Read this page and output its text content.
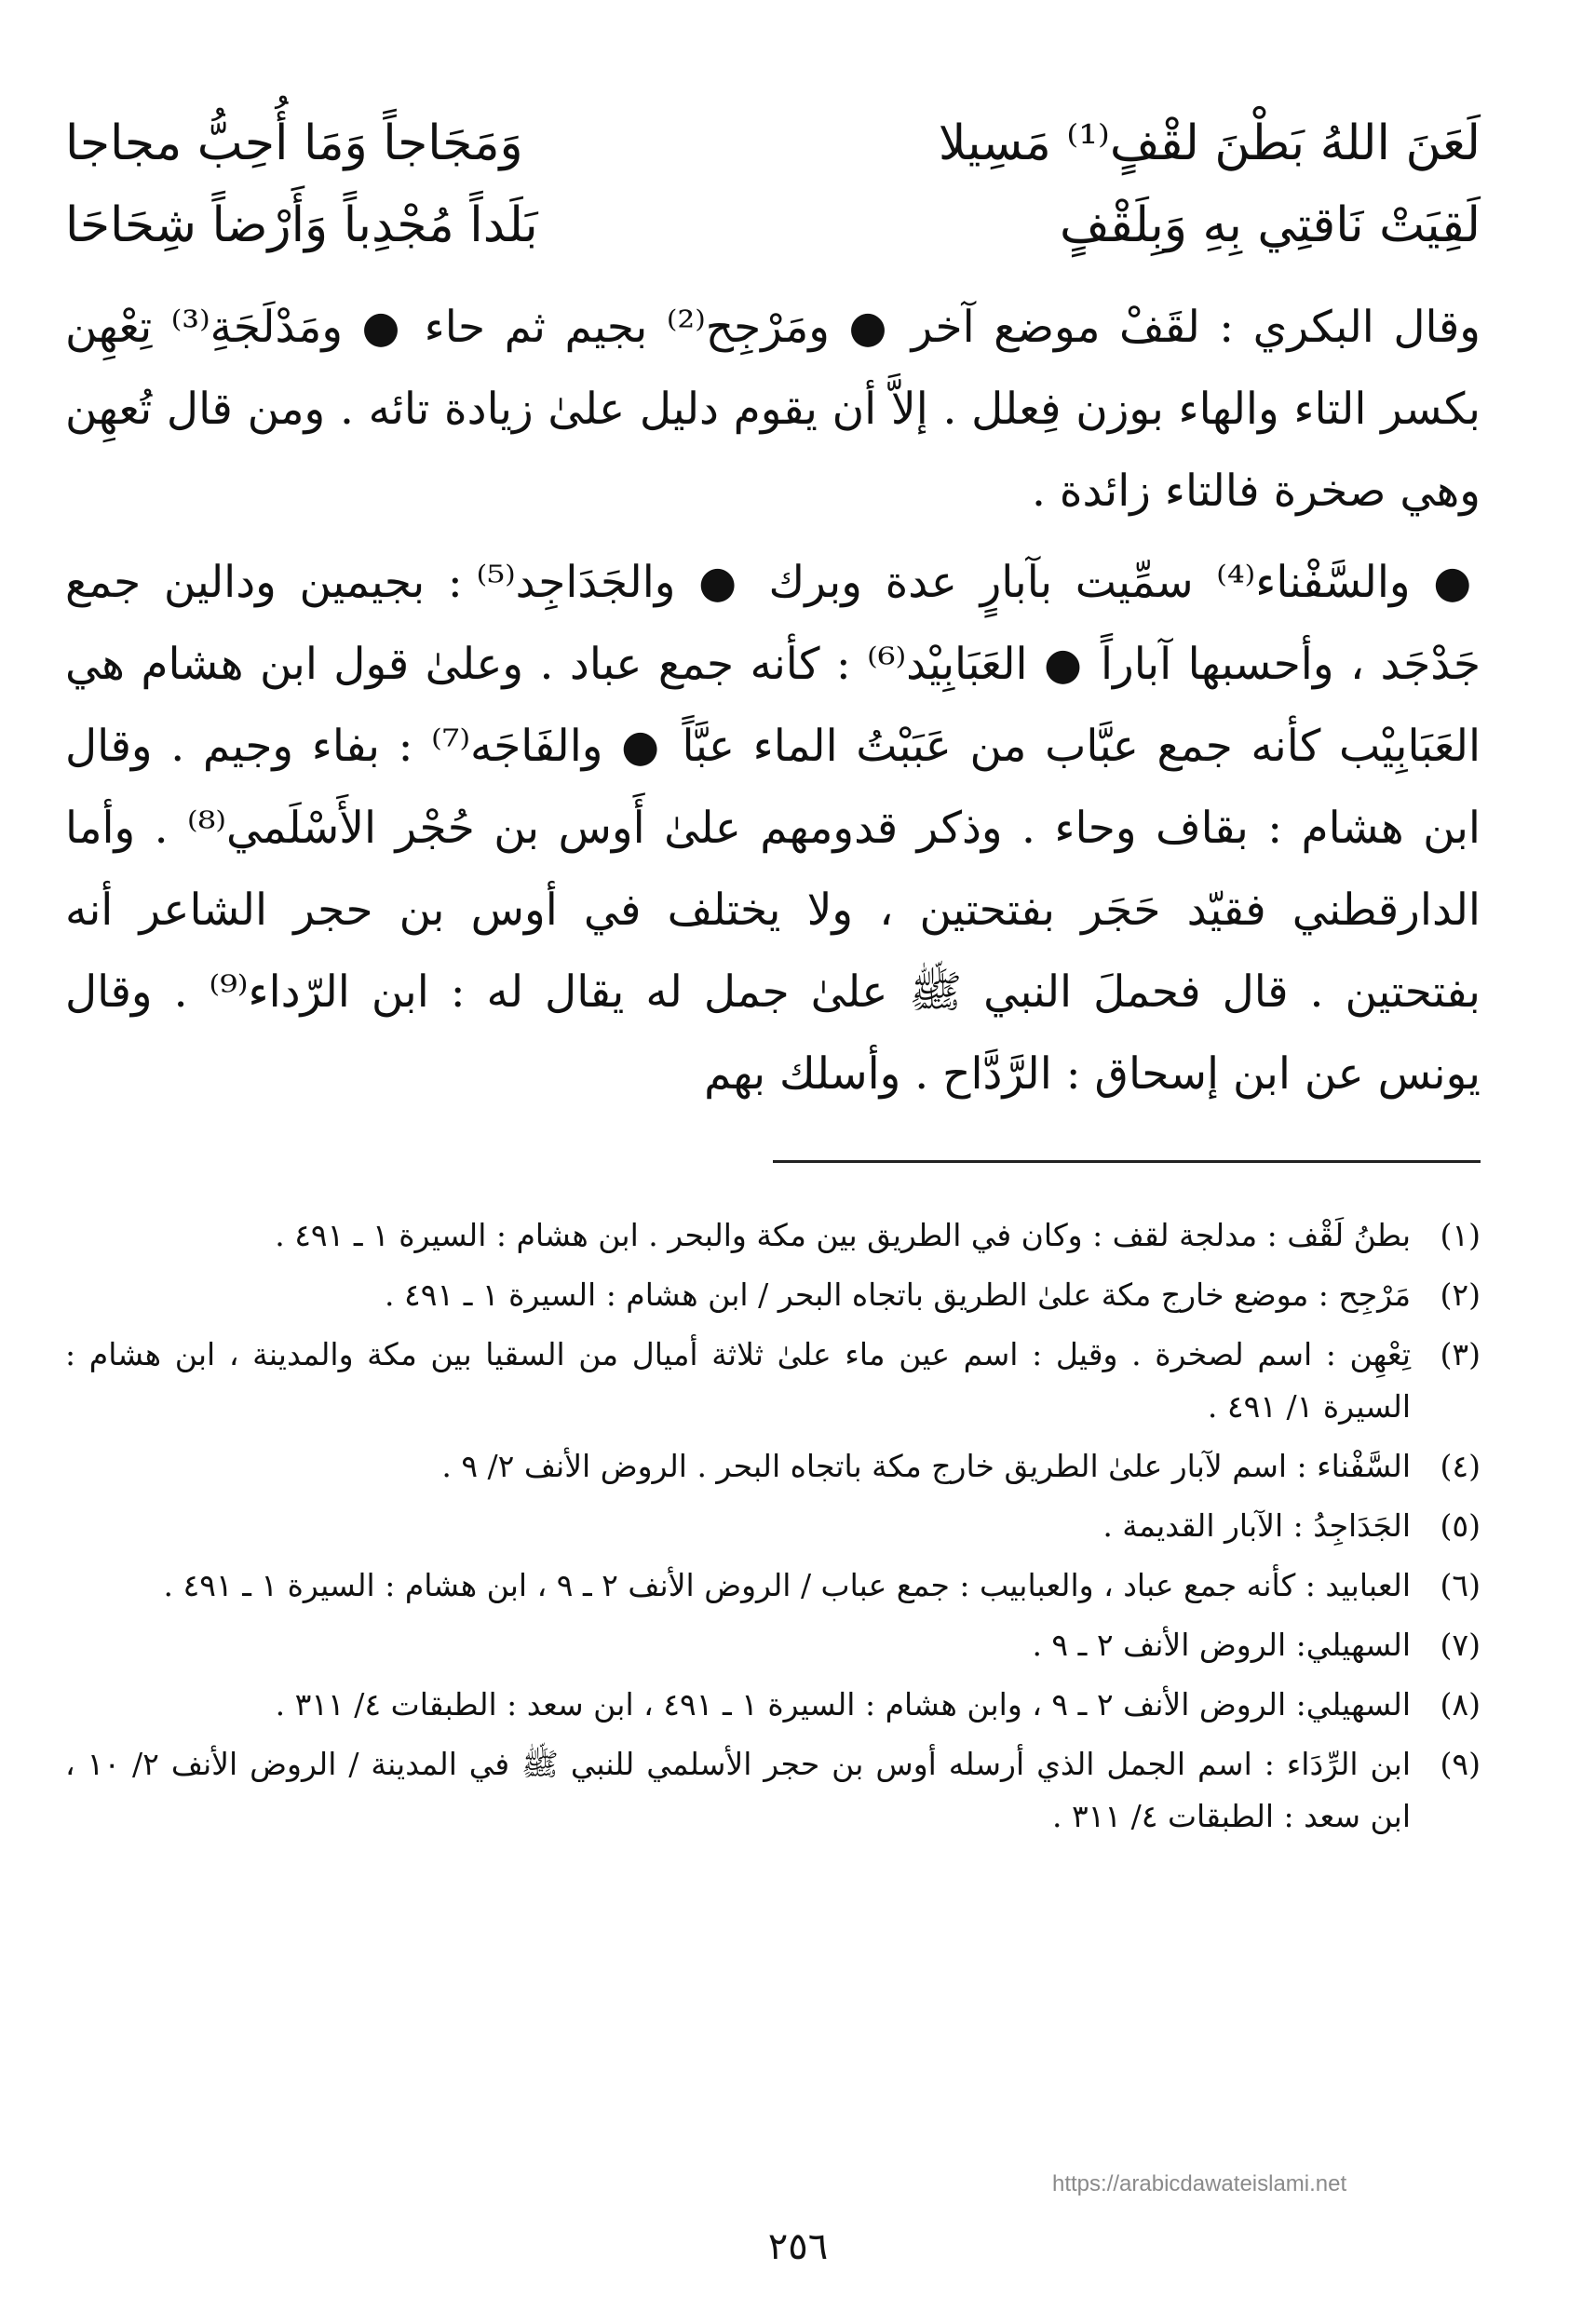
لَعَنَ اللهُ بَطْنَ لقْفٍ⁽¹⁾ مَسِيلا
وَمَجَاجاً وَمَا أُحِبُّ مجاجا
لَقِيَتْ نَاقتِي بِهِ وَبِلَقْفٍ
بَلَداً مُجْدِباً وَأَرْضاً شِحَاحَا

وقال البكري : لقَفْ موضع آخر ● ومَرْجِح⁽²⁾ بجيم ثم حاء ● ومَدْلَجَةِ⁽³⁾ تِعْهِن بكسر التاء والهاء بوزن فِعلل . إلاَّ أن يقوم دليل علىٰ زيادة تائه . ومن قال تُعهِن وهي صخرة فالتاء زائدة .

● والسَّفْناء⁽⁴⁾ سمِّيت بآبارٍ عدة وبرك ● والجَدَاجِد⁽⁵⁾ : بجيمين ودالين جمع جَدْجَد ، وأحسبها آباراً ● العَبَابِيْد⁽⁶⁾ : كأنه جمع عباد . وعلىٰ قول ابن هشام هي العَبَابِيْب كأنه جمع عبَّاب من عَبَبْتُ الماء عبَّاً ● والفَاجَه⁽⁷⁾ : بفاء وجيم . وقال ابن هشام : بقاف وحاء . وذكر قدومهم علىٰ أَوس بن حُجْر الأَسْلَمي⁽⁸⁾ . وأما الدارقطني فقيّد حَجَر بفتحتين ، ولا يختلف في أوس بن حجر الشاعر أنه بفتحتين . قال فحملَ النبي ﷺ علىٰ جمل له يقال له : ابن الرّداء⁽⁹⁾ . وقال يونس عن ابن إسحاق : الرَّدَّاح . وأسلك بهم

(١)
بطنُ لَقْف : مدلجة لقف : وكان في الطريق بين مكة والبحر . ابن هشام : السيرة ١ ـ ٤٩١ .
(٢)
مَرْجِح : موضع خارج مكة علىٰ الطريق باتجاه البحر / ابن هشام : السيرة ١ ـ ٤٩١ .
(٣)
تِعْهِن : اسم لصخرة . وقيل : اسم عين ماء علىٰ ثلاثة أميال من السقيا بين مكة والمدينة ، ابن هشام : السيرة ١/ ٤٩١ .
(٤)
السَّفْناء : اسم لآبار علىٰ الطريق خارج مكة باتجاه البحر . الروض الأنف ٢/ ٩ .
(٥)
الجَدَاجِدُ : الآبار القديمة .
(٦)
العبابيد : كأنه جمع عباد ، والعبابيب : جمع عباب / الروض الأنف ٢ ـ ٩ ، ابن هشام : السيرة ١ ـ ٤٩١ .
(٧)
السهيلي: الروض الأنف ٢ ـ ٩ .
(٨)
السهيلي: الروض الأنف ٢ ـ ٩ ، وابن هشام : السيرة ١ ـ ٤٩١ ، ابن سعد : الطبقات ٤/ ٣١١ .
(٩)
ابن الرِّدَاء : اسم الجمل الذي أرسله أوس بن حجر الأسلمي للنبي ﷺ في المدينة / الروض الأنف ٢/ ١٠ ، ابن سعد : الطبقات ٤/ ٣١١ .
https://arabicdawateislami.net
٢٥٦
